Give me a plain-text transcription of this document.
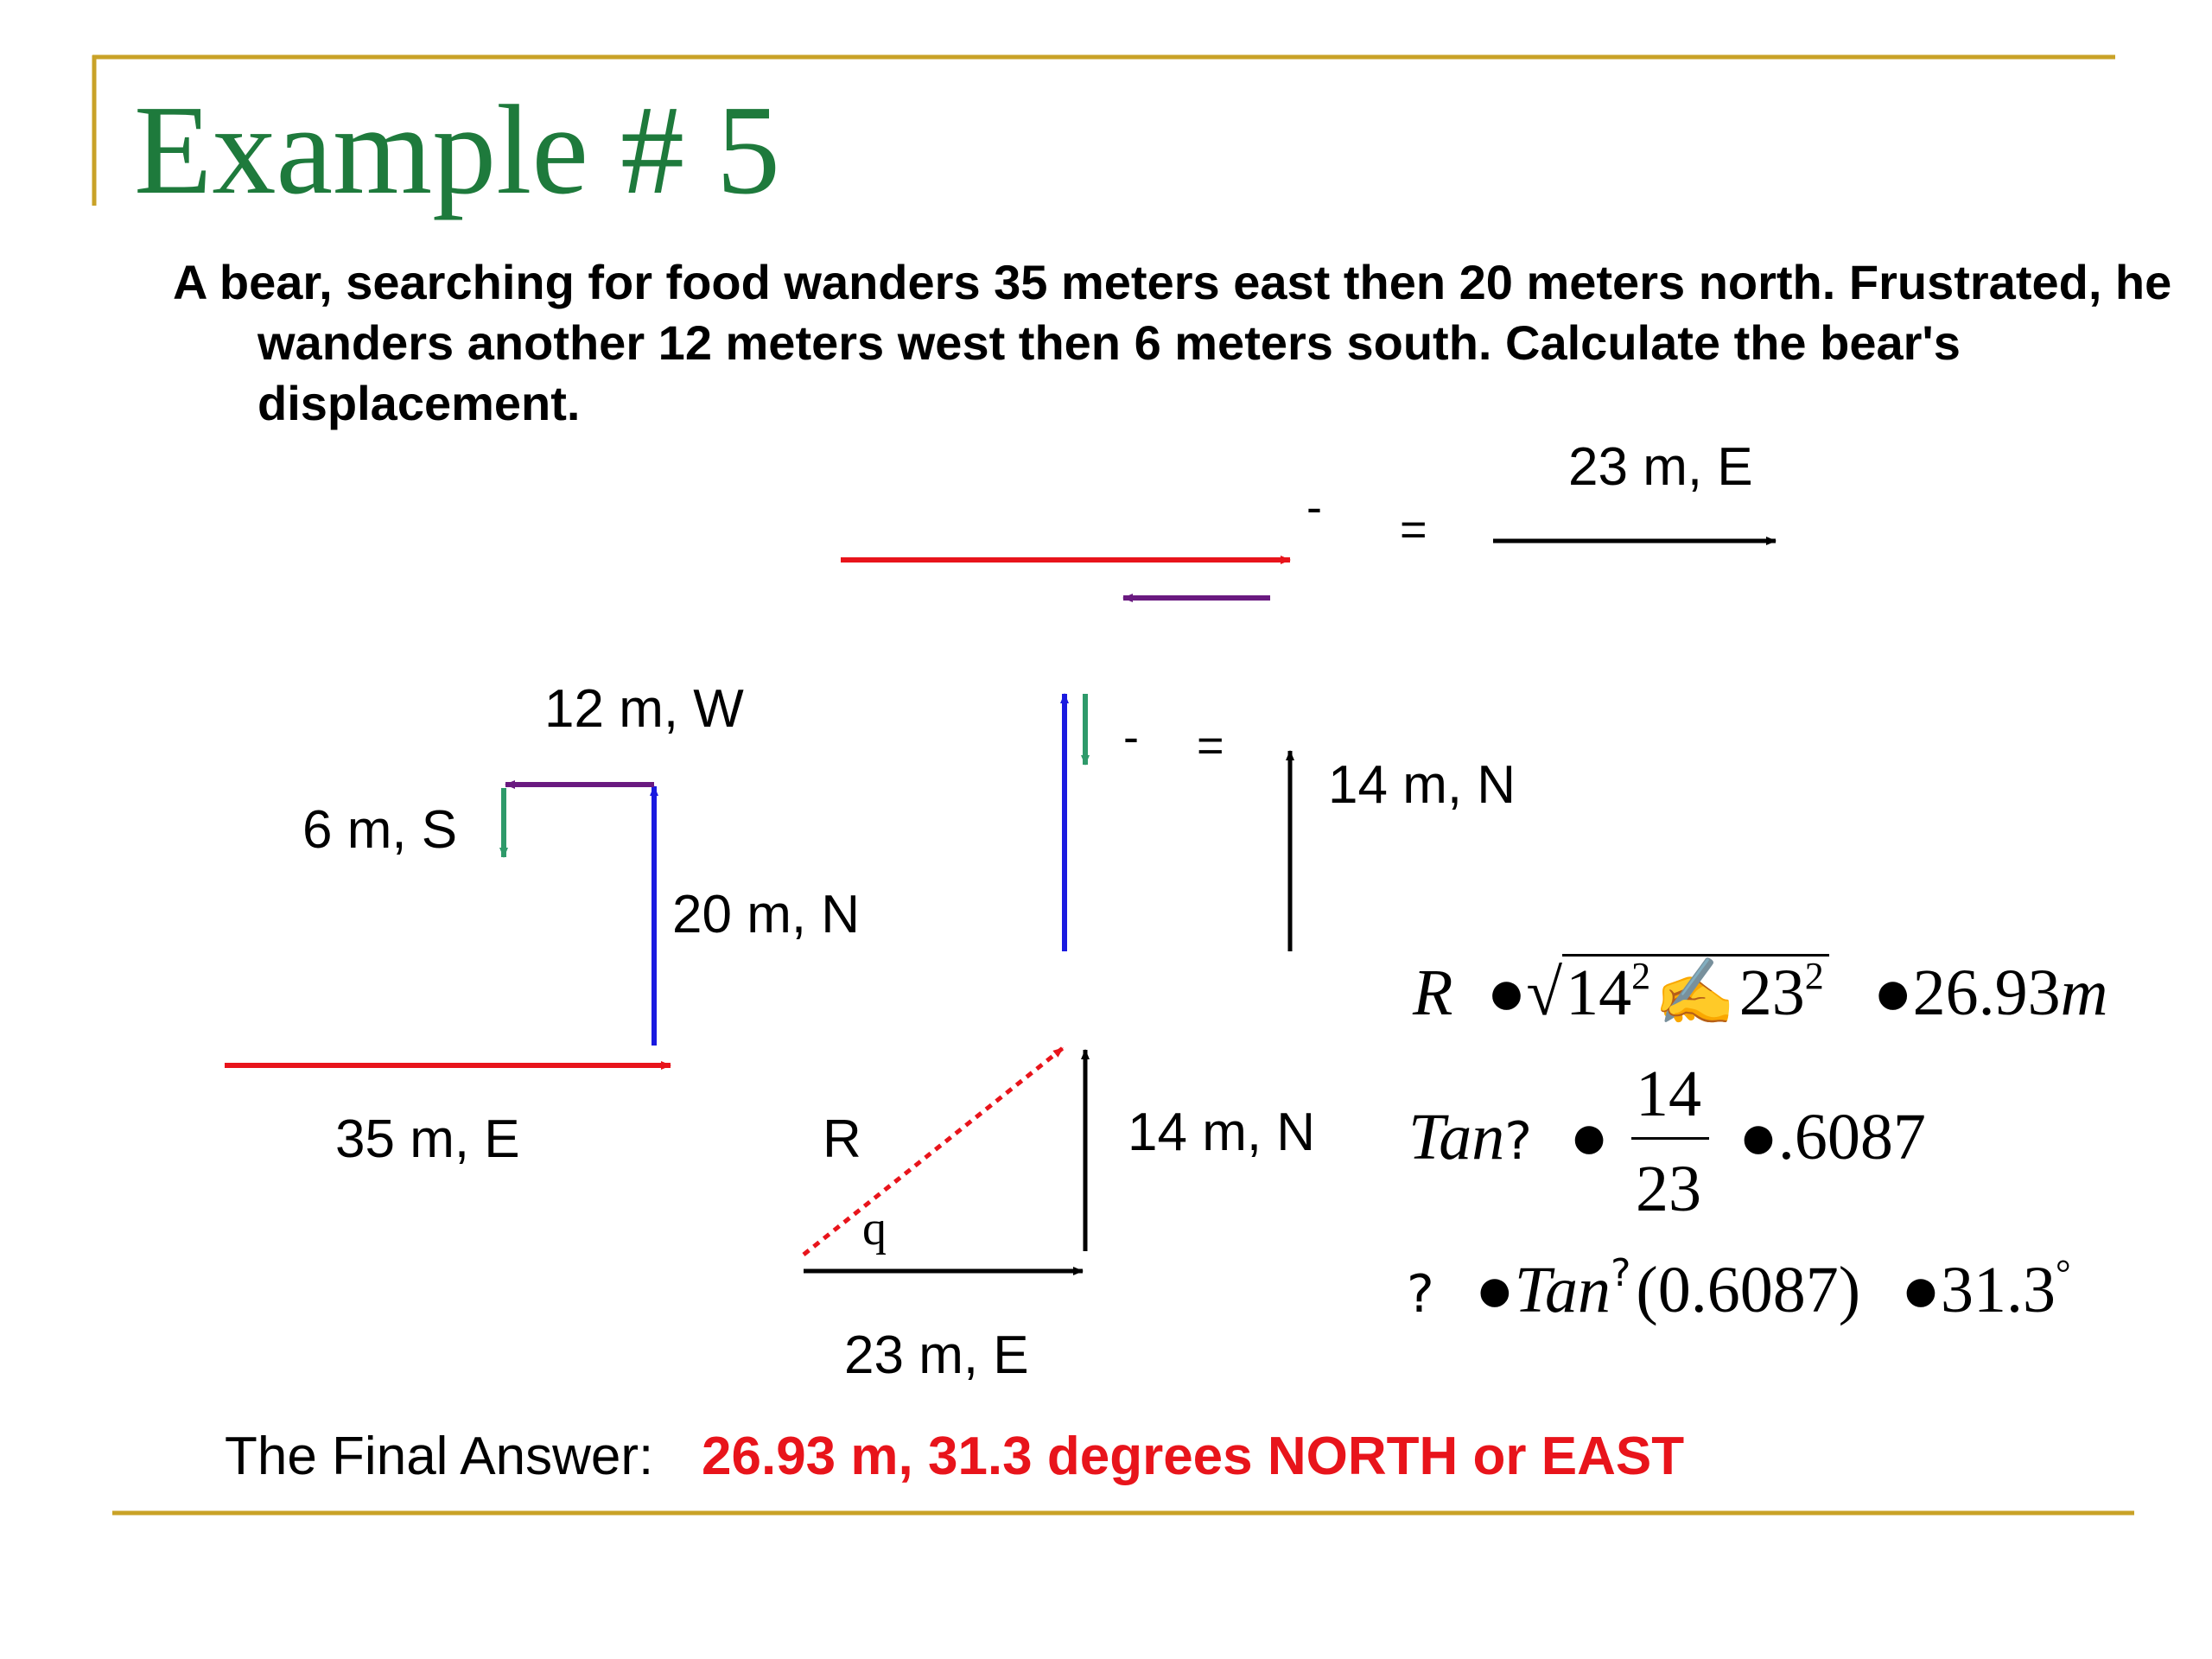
Example # 5
A bear, searching for food wanders 35 meters east then 20 meters north. Frustrated, he wanders another 12 meters west then 6 meters south. Calculate the bear's displacement.
35 m, E
20 m, N
12 m, W
6 m, S
- =
23 m, E
- =
14 m, N
R
q
14 m, N
23 m, E
R $●√14^2✍23^2$ ●26.93m
Tan? ●
14
23
●.6087
? ●Tan?(0.6087) ●31.3°
The Final Answer: 26.93 m, 31.3 degrees NORTH or EAST
